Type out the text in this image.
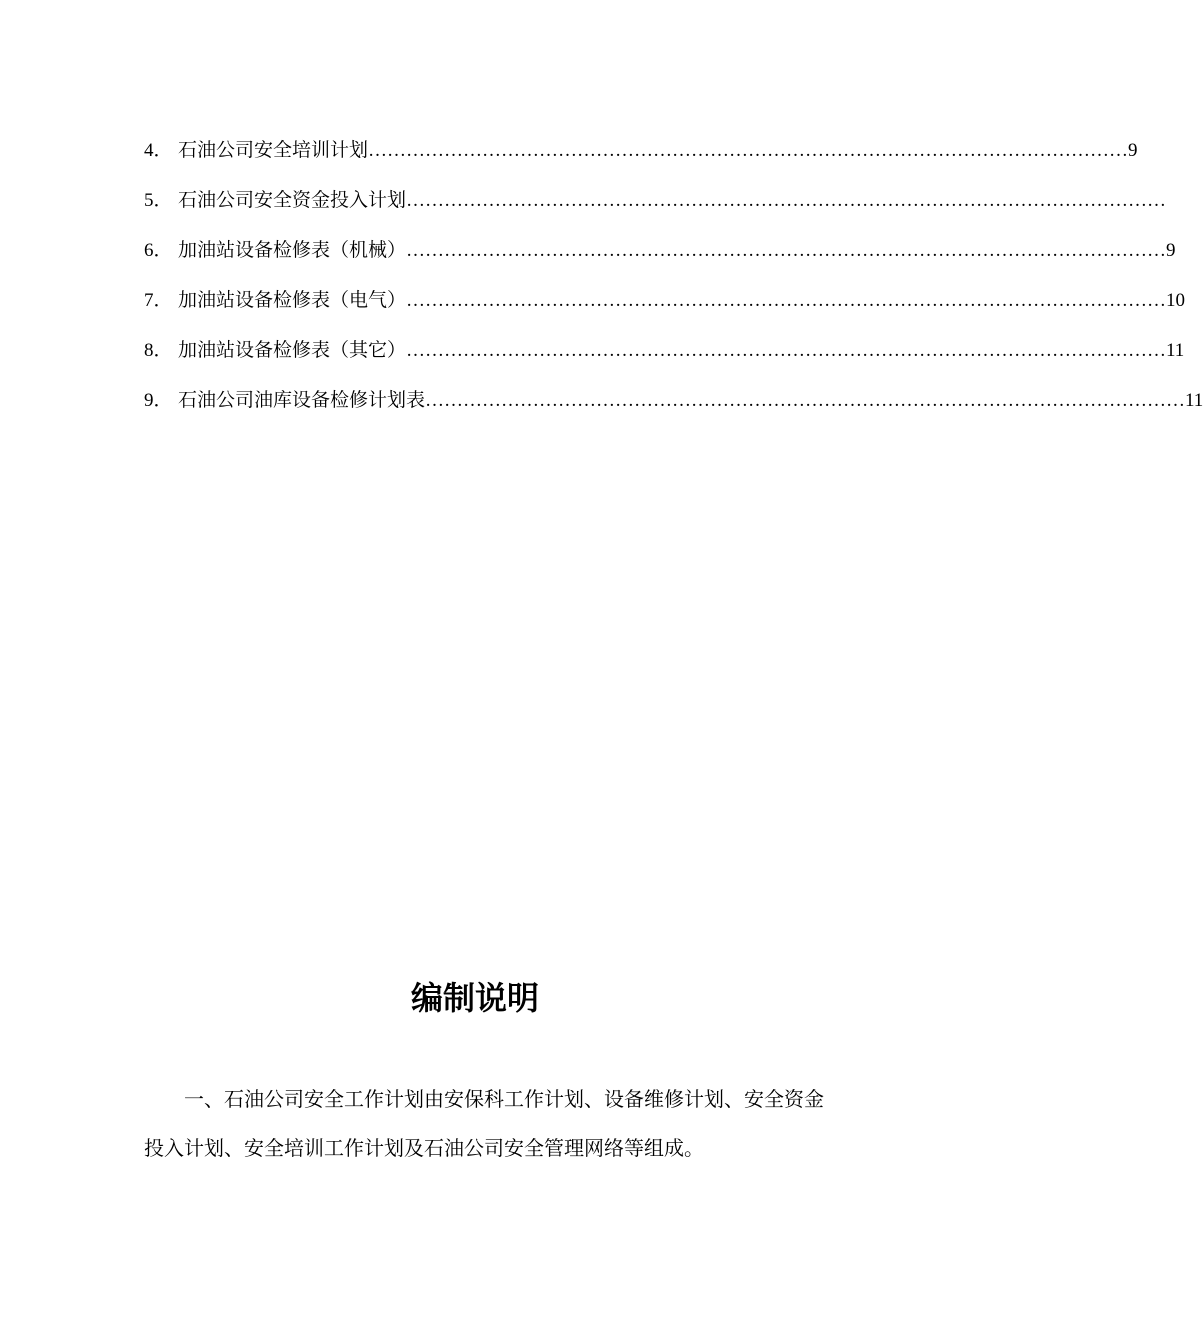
4． 石油公司安全培训计划 ………………………………………………………………………………………………………… 9
5． 石油公司安全资金投入计划 …………………………………………………………………………………………………………
6． 加油站设备检修表（机械） ………………………………………………………………………………………………………… 9
7． 加油站设备检修表（电气） ………………………………………………………………………………………………………… 10
8． 加油站设备检修表（其它） ………………………………………………………………………………………………………… 11
9． 石油公司油库设备检修计划表 ………………………………………………………………………………………………………… 11
编制说明
一、石油公司安全工作计划由安保科工作计划、设备维修计划、安全资金投入计划、安全培训工作计划及石油公司安全管理网络等组成。
